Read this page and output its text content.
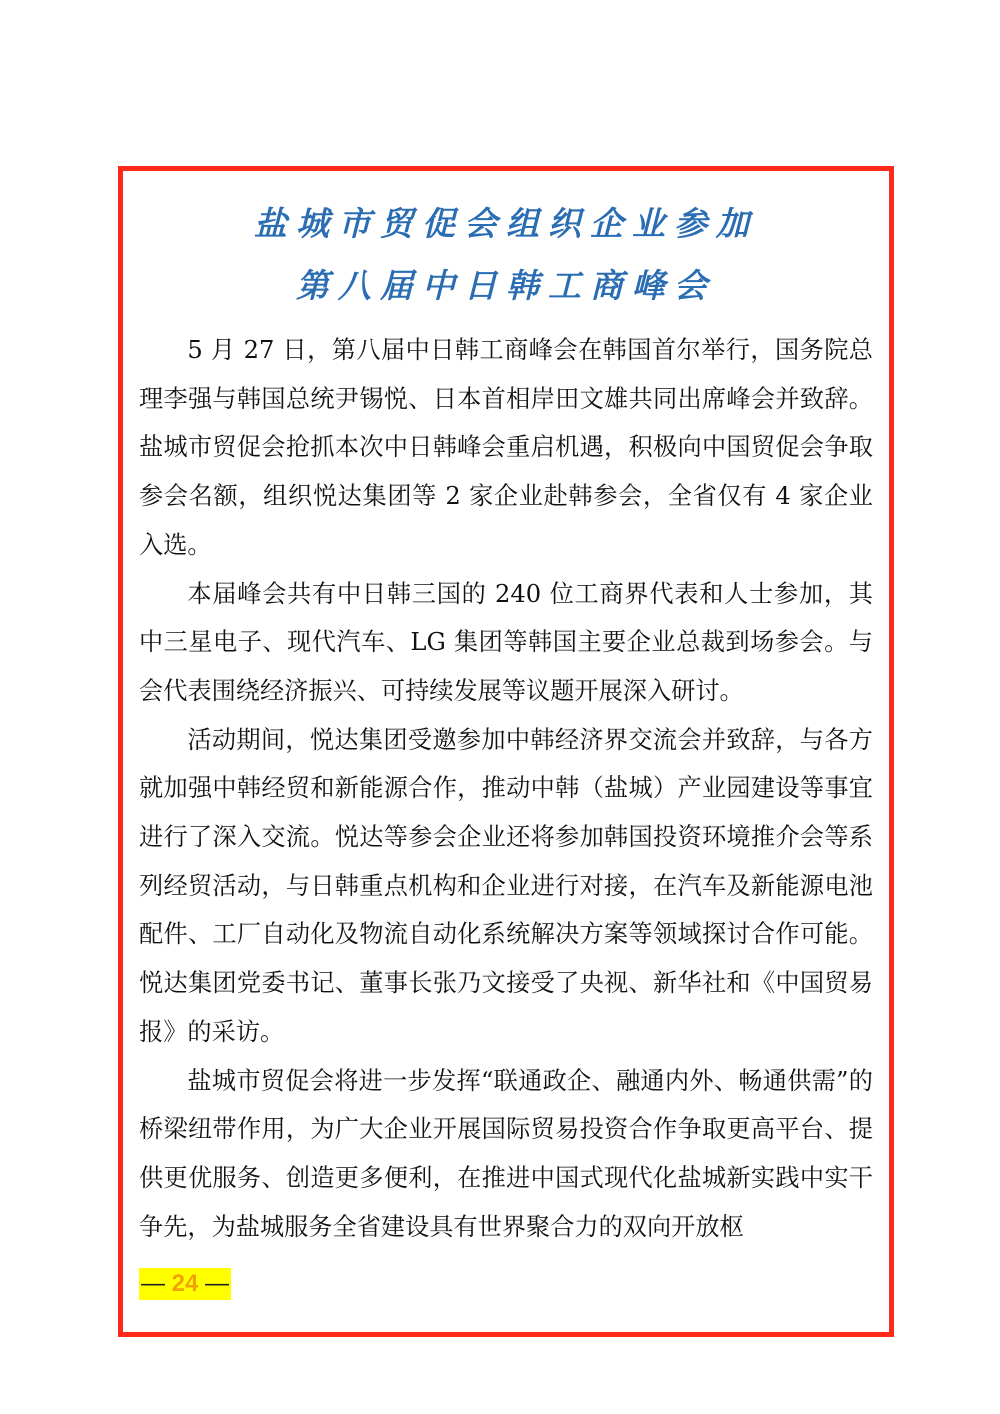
盐城市贸促会组织企业参加
第八届中日韩工商峰会

5 月 27 日，第八届中日韩工商峰会在韩国首尔举行，国务院总理李强与韩国总统尹锡悦、日本首相岸田文雄共同出席峰会并致辞。盐城市贸促会抢抓本次中日韩峰会重启机遇，积极向中国贸促会争取参会名额，组织悦达集团等 2 家企业赴韩参会，全省仅有 4 家企业入选。

本届峰会共有中日韩三国的 240 位工商界代表和人士参加，其中三星电子、现代汽车、LG 集团等韩国主要企业总裁到场参会。与会代表围绕经济振兴、可持续发展等议题开展深入研讨。

活动期间，悦达集团受邀参加中韩经济界交流会并致辞，与各方就加强中韩经贸和新能源合作，推动中韩（盐城）产业园建设等事宜进行了深入交流。悦达等参会企业还将参加韩国投资环境推介会等系列经贸活动，与日韩重点机构和企业进行对接，在汽车及新能源电池配件、工厂自动化及物流自动化系统解决方案等领域探讨合作可能。悦达集团党委书记、董事长张乃文接受了央视、新华社和《中国贸易报》的采访。

盐城市贸促会将进一步发挥“联通政企、融通内外、畅通供需”的桥梁纽带作用，为广大企业开展国际贸易投资合作争取更高平台、提供更优服务、创造更多便利，在推进中国式现代化盐城新实践中实干争先，为盐城服务全省建设具有世界聚合力的双向开放枢

— 24 —
